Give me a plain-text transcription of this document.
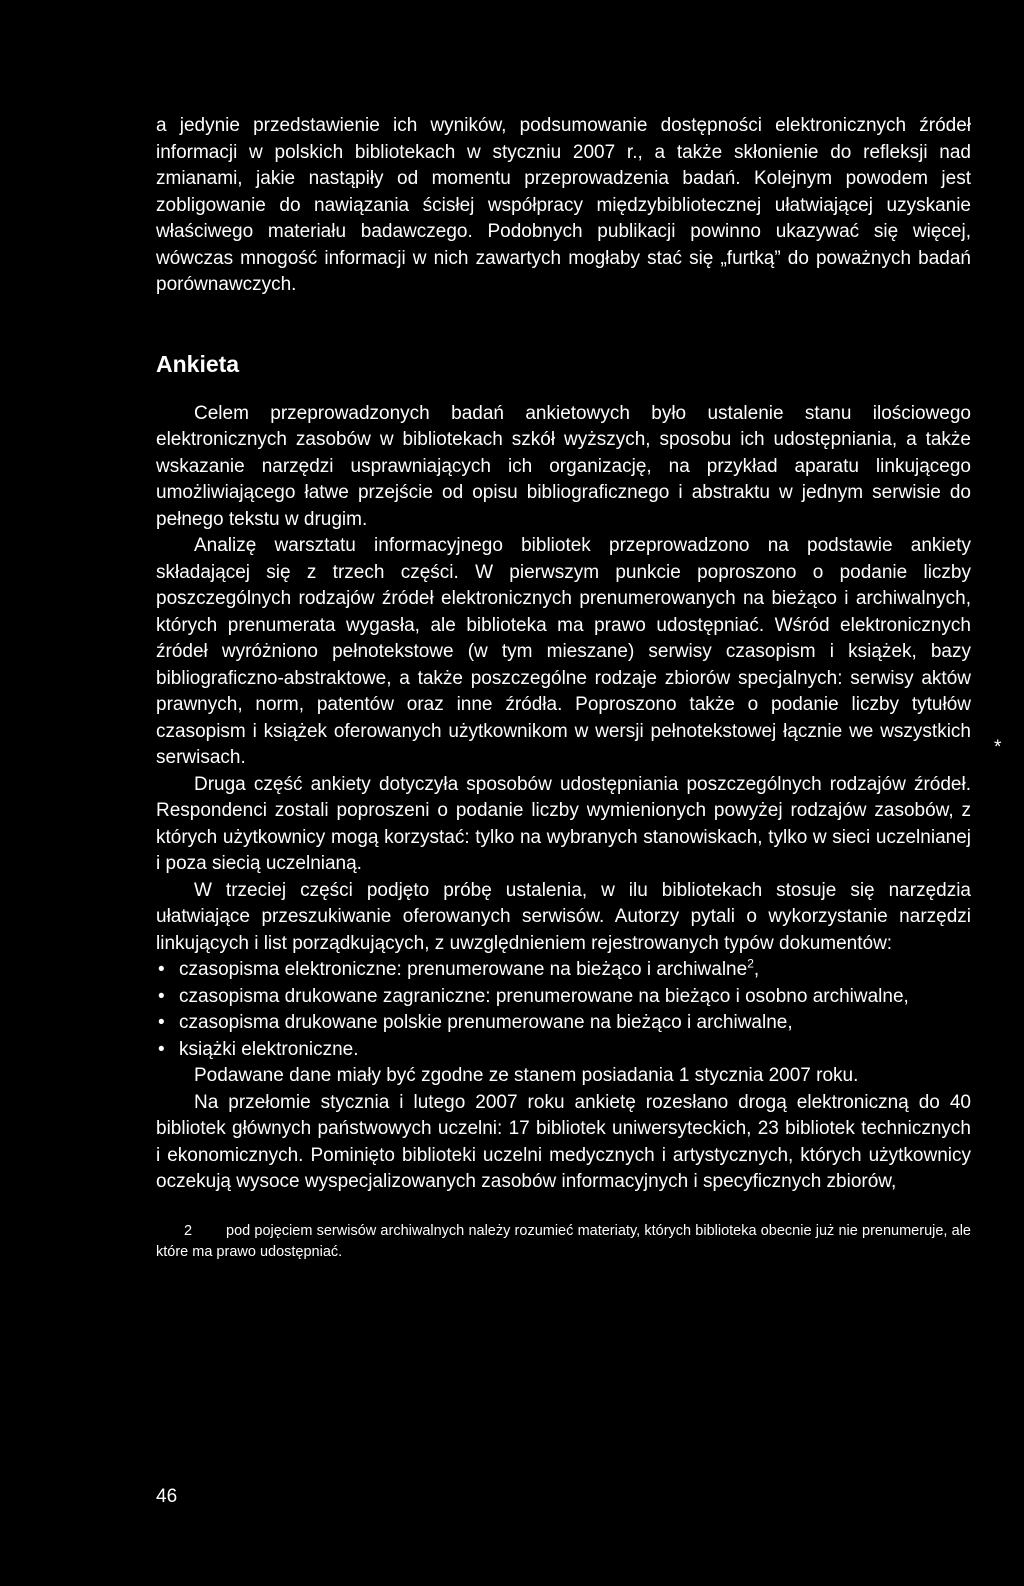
a jedynie przedstawienie ich wyników, podsumowanie dostępności elektronicznych źródeł informacji w polskich bibliotekach w styczniu 2007 r., a także skłonienie do refleksji nad zmianami, jakie nastąpiły od momentu przeprowadzenia badań. Kolejnym powodem jest zobligowanie do nawiązania ścisłej współpracy międzybibliotecznej ułatwiającej uzyskanie właściwego materiału badawczego. Podobnych publikacji powinno ukazywać się więcej, wówczas mnogość informacji w nich zawartych mogłaby stać się „furtką” do poważnych badań porównawczych.

Ankieta

Celem przeprowadzonych badań ankietowych było ustalenie stanu ilościowego elektronicznych zasobów w bibliotekach szkół wyższych, sposobu ich udostępniania, a także wskazanie narzędzi usprawniających ich organizację, na przykład aparatu linkującego umożliwiającego łatwe przejście od opisu bibliograficznego i abstraktu w jednym serwisie do pełnego tekstu w drugim.

Analizę warsztatu informacyjnego bibliotek przeprowadzono na podstawie ankiety składającej się z trzech części. W pierwszym punkcie poproszono o podanie liczby poszczególnych rodzajów źródeł elektronicznych prenumerowanych na bieżąco i archiwalnych, których prenumerata wygasła, ale biblioteka ma prawo udostępniać. Wśród elektronicznych źródeł wyróżniono pełnotekstowe (w tym mieszane) serwisy czasopism i książek, bazy bibliograficzno-abstraktowe, a także poszczególne rodzaje zbiorów specjalnych: serwisy aktów prawnych, norm, patentów oraz inne źródła. Poproszono także o podanie liczby tytułów czasopism i książek oferowanych użytkownikom w wersji pełnotekstowej łącznie we wszystkich serwisach.

Druga część ankiety dotyczyła sposobów udostępniania poszczególnych rodzajów źródeł. Respondenci zostali poproszeni o podanie liczby wymienionych powyżej rodzajów zasobów, z których użytkownicy mogą korzystać: tylko na wybranych stanowiskach, tylko w sieci uczelnianej i poza siecią uczelnianą.

W trzeciej części podjęto próbę ustalenia, w ilu bibliotekach stosuje się narzędzia ułatwiające przeszukiwanie oferowanych serwisów. Autorzy pytali o wykorzystanie narzędzi linkujących i list porządkujących, z uwzględnieniem rejestrowanych typów dokumentów:

• czasopisma elektroniczne: prenumerowane na bieżąco i archiwalne$^2$,
• czasopisma drukowane zagraniczne: prenumerowane na bieżąco i osobno archiwalne,
• czasopisma drukowane polskie prenumerowane na bieżąco i archiwalne,
• książki elektroniczne.

Podawane dane miały być zgodne ze stanem posiadania 1 stycznia 2007 roku.

Na przełomie stycznia i lutego 2007 roku ankietę rozesłano drogą elektroniczną do 40 bibliotek głównych państwowych uczelni: 17 bibliotek uniwersyteckich, 23 bibliotek technicznych i ekonomicznych. Pominięto biblioteki uczelni medycznych i artystycznych, których użytkownicy oczekują wysoce wyspecjalizowanych zasobów informacyjnych i specyficznych zbiorów,

2 pod pojęciem serwisów archiwalnych należy rozumieć materiaty, których biblioteka obecnie już nie prenumeruje, ale które ma prawo udostępniać.
*
46
